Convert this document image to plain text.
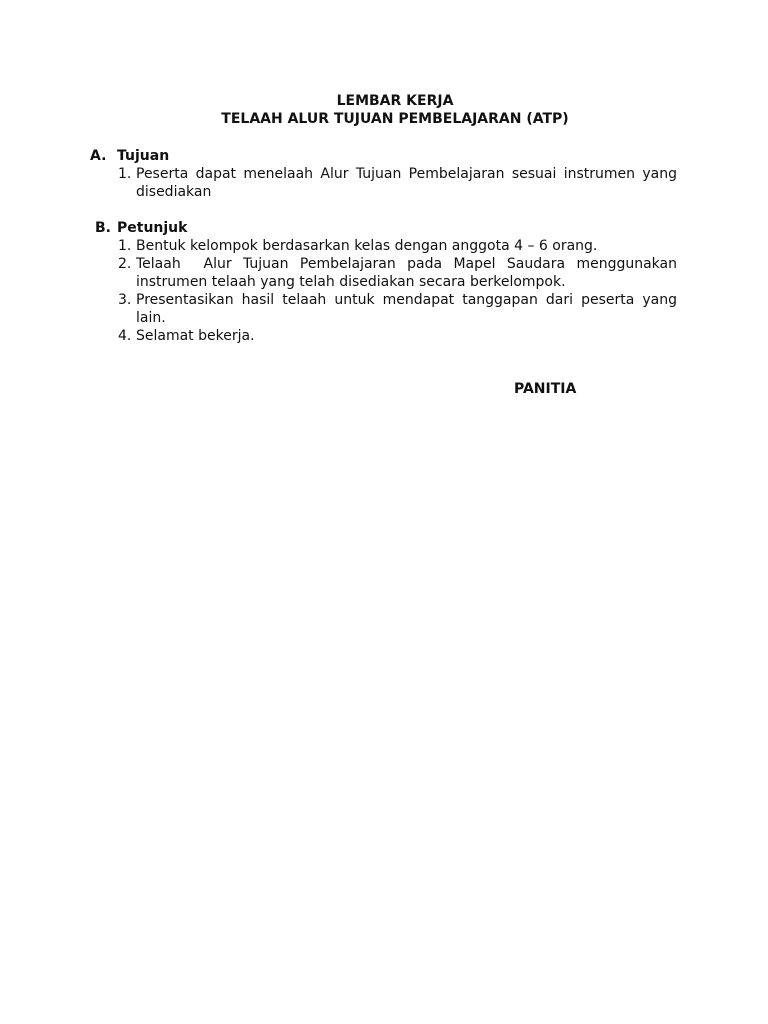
LEMBAR KERJA
TELAAH ALUR TUJUAN PEMBELAJARAN (ATP)
A. Tujuan
1. Peserta dapat menelaah Alur Tujuan Pembelajaran sesuai instrumen yang disediakan
B. Petunjuk
1. Bentuk kelompok berdasarkan kelas dengan anggota 4 – 6 orang.
2. Telaah  Alur Tujuan Pembelajaran pada Mapel Saudara menggunakan instrumen telaah yang telah disediakan secara berkelompok.
3. Presentasikan hasil telaah untuk mendapat tanggapan dari peserta yang lain.
4. Selamat bekerja.
PANITIA
